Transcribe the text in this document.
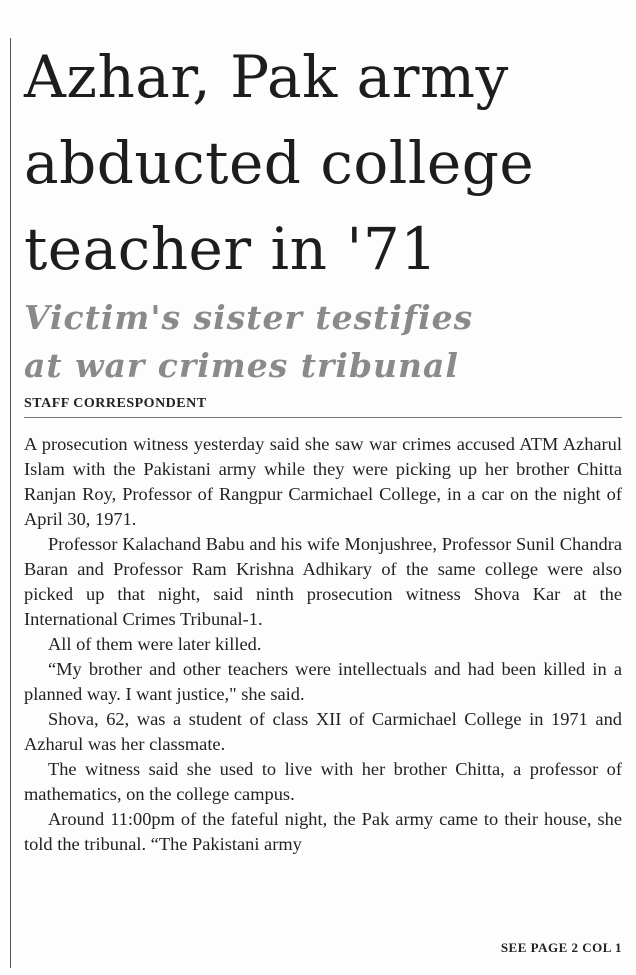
Azhar, Pak army
abducted college
teacher in '71
Victim's sister testifies
at war crimes tribunal
STAFF CORRESPONDENT

A prosecution witness yesterday said she saw war crimes accused ATM Azharul Islam with the Pakistani army while they were picking up her brother Chitta Ranjan Roy, Professor of Rangpur Carmichael College, in a car on the night of April 30, 1971.

Professor Kalachand Babu and his wife Monjushree, Professor Sunil Chandra Baran and Professor Ram Krishna Adhikary of the same college were also picked up that night, said ninth prosecution witness Shova Kar at the International Crimes Tribunal-1.

All of them were later killed.

“My brother and other teachers were intellectuals and had been killed in a planned way. I want justice," she said.

Shova, 62, was a student of class XII of Carmichael College in 1971 and Azharul was her classmate.

The witness said she used to live with her brother Chitta, a professor of mathematics, on the college campus.

Around 11:00pm of the fateful night, the Pak army came to their house, she told the tribunal. “The Pakistani army

SEE PAGE 2 COL 1
